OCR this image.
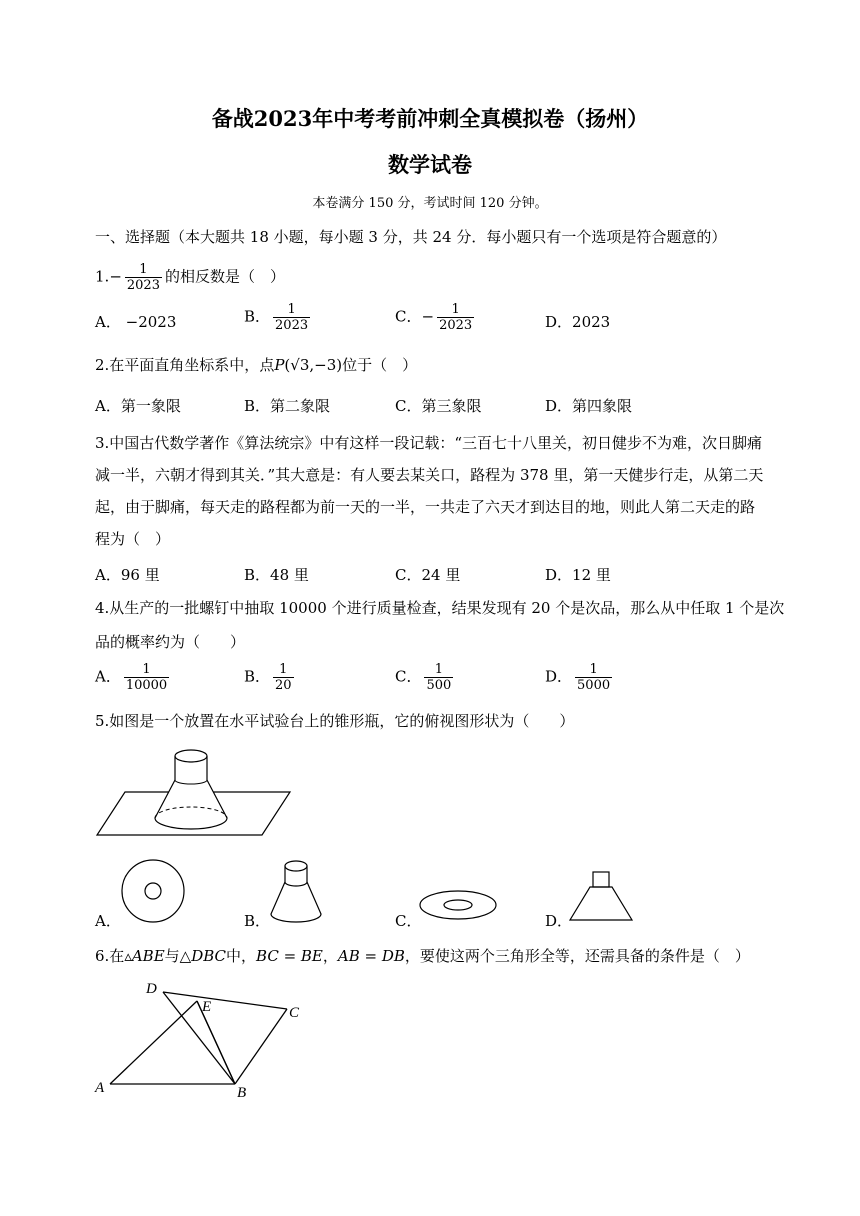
备战2023年中考考前冲刺全真模拟卷（扬州）
数学试卷
本卷满分 150 分，考试时间 120 分钟。
一、选择题（本大题共 18 小题，每小题 3 分，共 24 分．每小题只有一个选项是符合题意的）
$1.- \frac{1}{2023}$ 的相反数是（　）
A． −2023	B． $\frac{1}{2023}$	C．− $\frac{1}{2023}$	D．2023
2.在平面直角坐标系中，点P(√3,−3)位于（　）
A．第一象限	B．第二象限	C．第三象限	D．第四象限
3.中国古代数学著作《算法统宗》中有这样一段记载：“三百七十八里关，初日健步不为难，次日脚痛
减一半，六朝才得到其关．”其大意是：有人要去某关口，路程为 378 里，第一天健步行走，从第二天
起，由于脚痛，每天走的路程都为前一天的一半，一共走了六天才到达目的地，则此人第二天走的路
程为（　）
A．96 里	B．48 里	C．24 里	D．12 里
4.从生产的一批螺钉中抽取 10000 个进行质量检查，结果发现有 20 个是次品，那么从中任取 1 个是次
品的概率约为（　　）
A． $\frac{1}{10000}$	B． $\frac{1}{20}$	C． $\frac{1}{500}$	D． $\frac{1}{5000}$
5.如图是一个放置在水平试验台上的锥形瓶，它的俯视图形状为（　　）
A．	B．	C．	D．
6.在▵ABE与△DBC中，BC = BE，AB = DB，要使这两个三角形全等，还需具备的条件是（　）
D
E	C
A	B
